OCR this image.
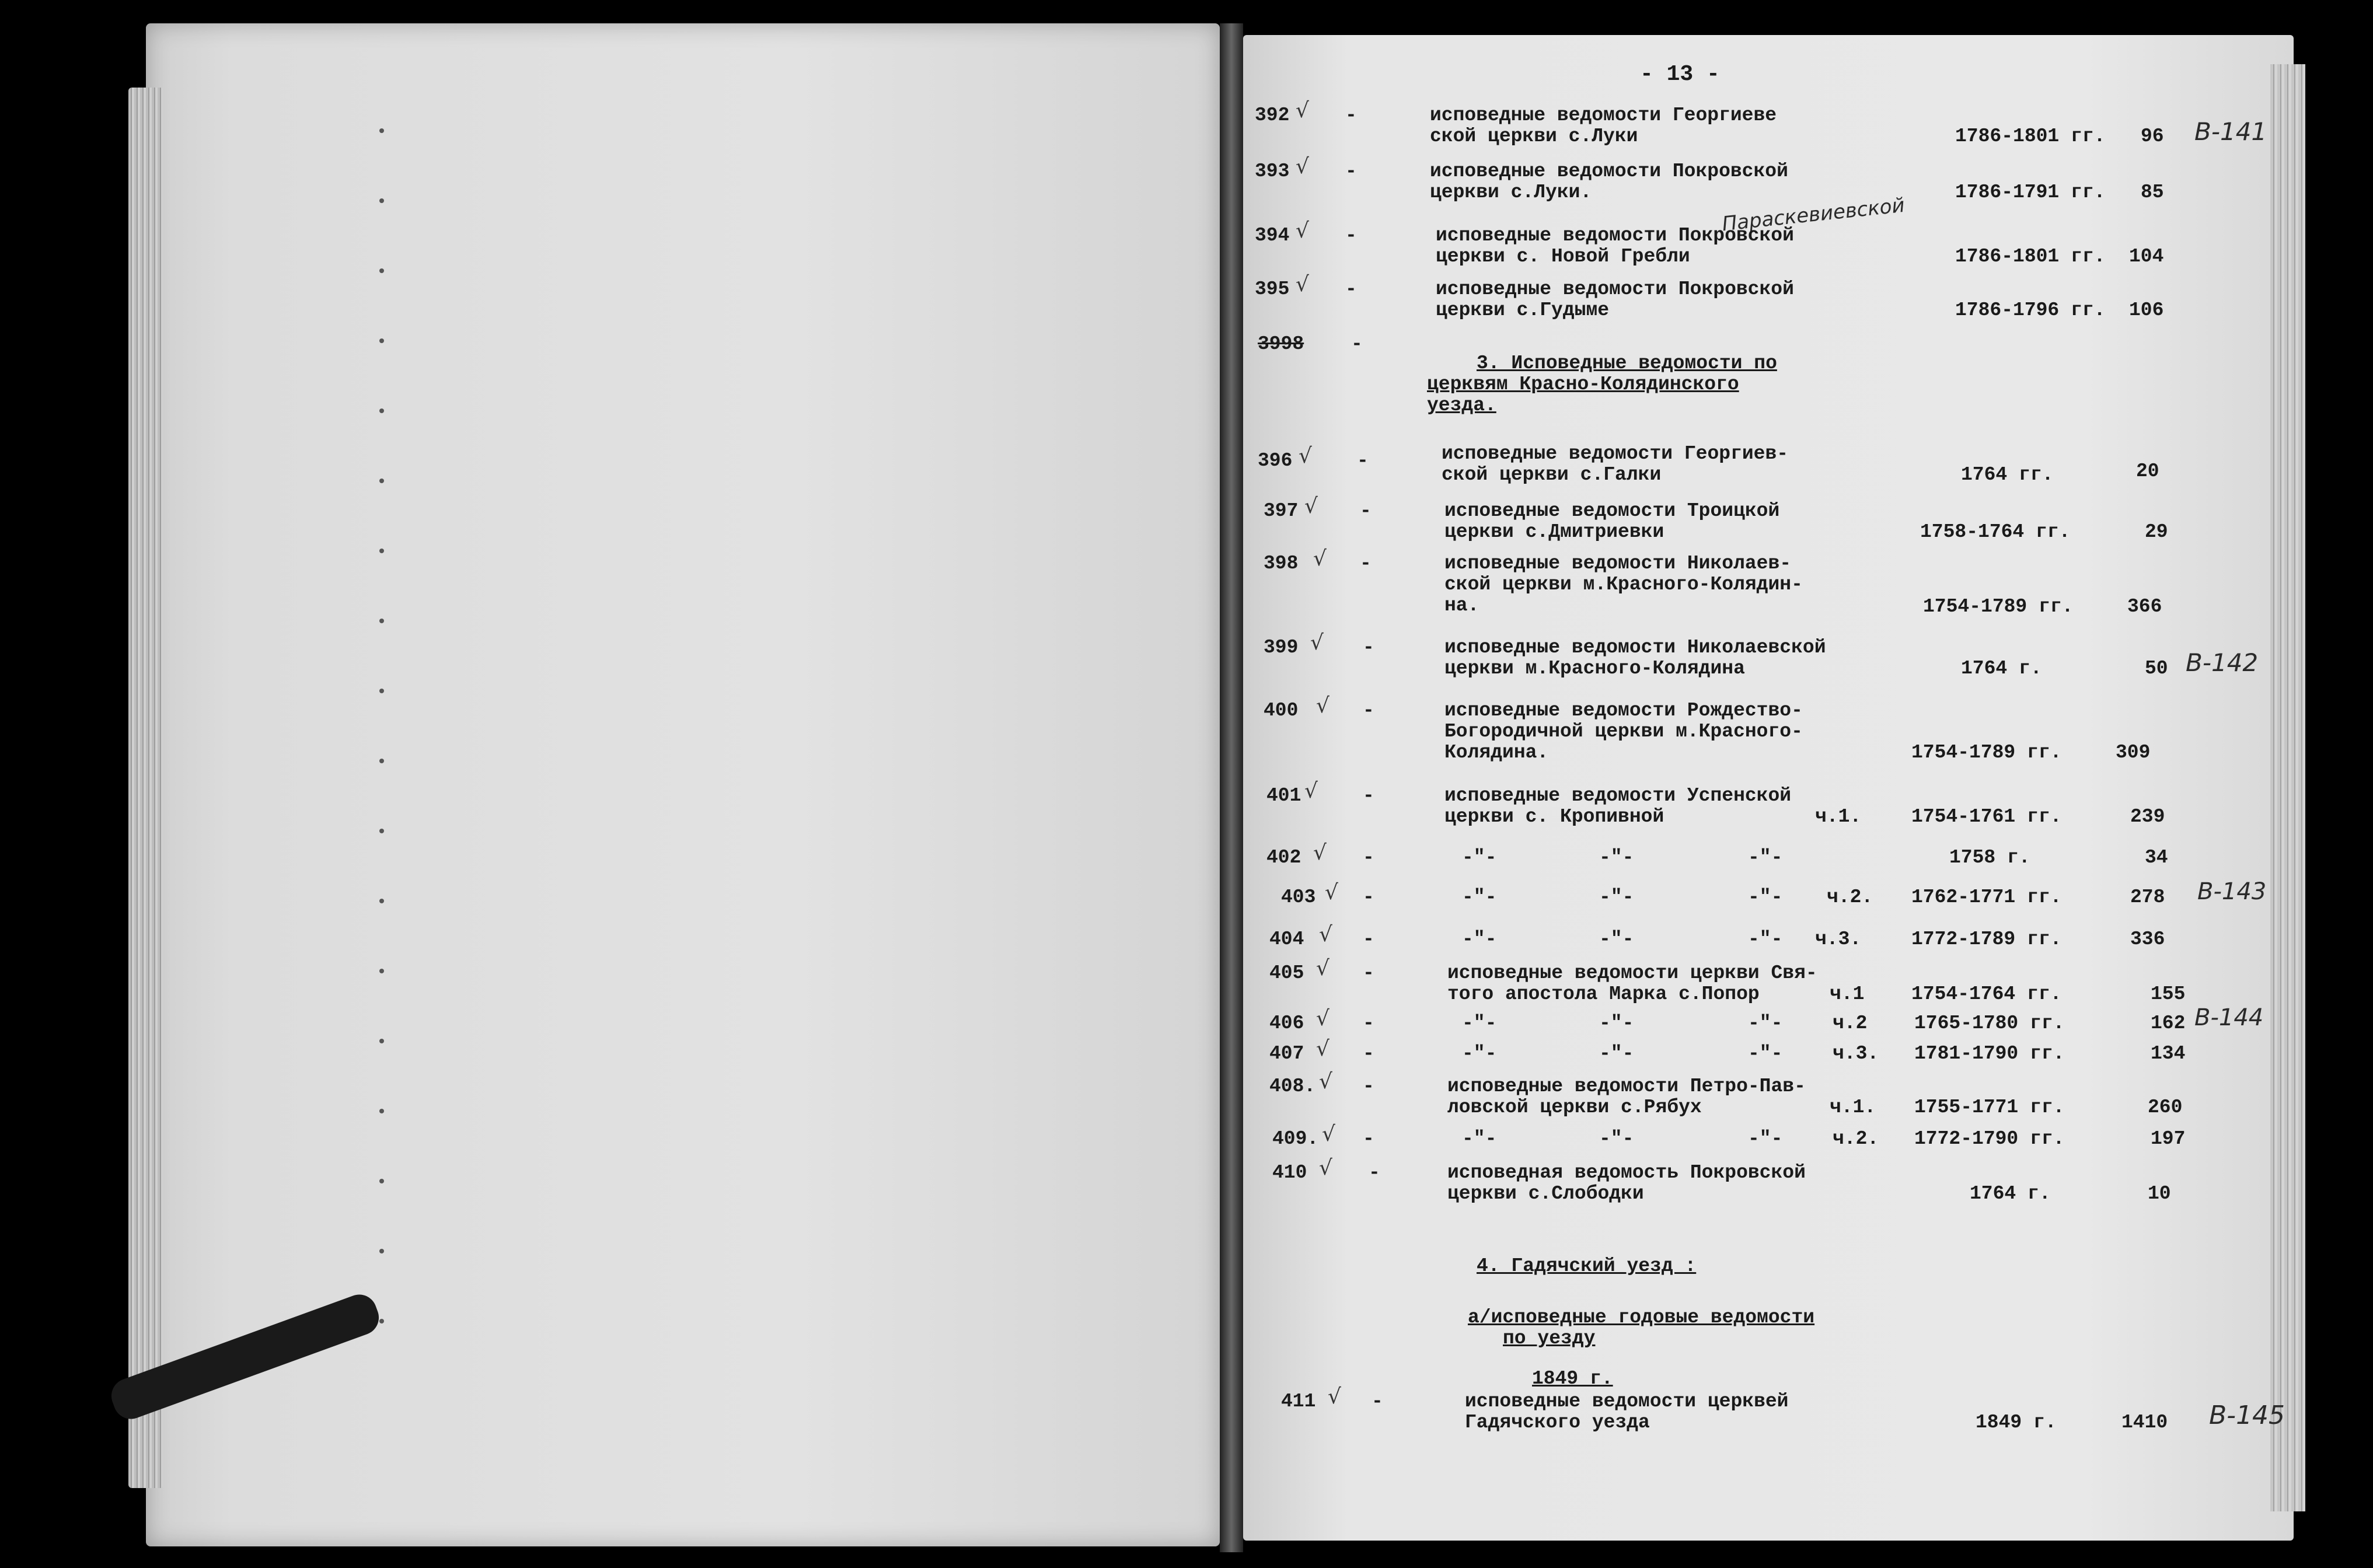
- 13 -
392 √ -	исповедные ведомости Георгиеве
ской церкви с.Луки	1786-1801 гг. 96 В-141
393 √ -	исповедные ведомости Покровской
церкви с.Луки.	1786-1791 гг. 85
Параскевиевской
394 √ -	исповедные ведомости Покровской
церкви с. Новой Гребли	1786-1801 гг. 104
395 √ -	исповедные ведомости Покровской
церкви с.Гудыме	1786-1796 гг. 106
3998 -
3. Исповедные ведомости по
церквям Красно-Колядинского
уезда.
396 √ -	исповедные ведомости Георгиев-
ской церкви с.Галки	1764 гг.	20
397 √ -	исповедные ведомости Троицкой
церкви с.Дмитриевки	1758-1764 гг.	29
398 √ -	исповедные ведомости Николаев-
ской церкви м.Красного-Колядин-
на.	1754-1789 гг.	366
399 √ -	исповедные ведомости Николаевской
церкви м.Красного-Колядина	1764 г.	50 В-142
400 √ -	исповедные ведомости Рождество-
Богородичной церкви м.Красного-
Колядина.	1754-1789 гг.	309
401 √ -	исповедные ведомости Успенской
церкви с. Кропивной	ч.1.	1754-1761 гг.	239
402 √ -	-"-	-"-	-"-	1758 г.	34
403 √ -	-"-	-"-	-"- ч.2. 1762-1771 гг.	278 В-143
404 √ -	-"-	-"-	-"- ч.3.	1772-1789 гг.	336
405 √ -	исповедные ведомости церкви Свя-
того апостола Марка с.Попор	ч.1 1754-1764 гг.	155
406 √ -	-"-	-"-	-"-	ч.2 1765-1780 гг.	162 В-144
407 √ -	-"-	-"-	-"-	ч.3. 1781-1790 гг.	134
408. √ -	исповедные ведомости Петро-Пав-
ловской церкви с.Рябух	ч.1. 1755-1771 гг.	260
409. √ -	-"-	-"-	-"-	ч.2. 1772-1790 гг.	197
410 √ -	исповедная ведомость Покровской
церкви с.Слободки	1764 г.	10
4. Гадячский уезд :
а/исповедные годовые ведомости
по уезду
1849 г.
411 √ -	исповедные ведомости церквей
Гадячского уезда	1849 г.	1410 В-145
